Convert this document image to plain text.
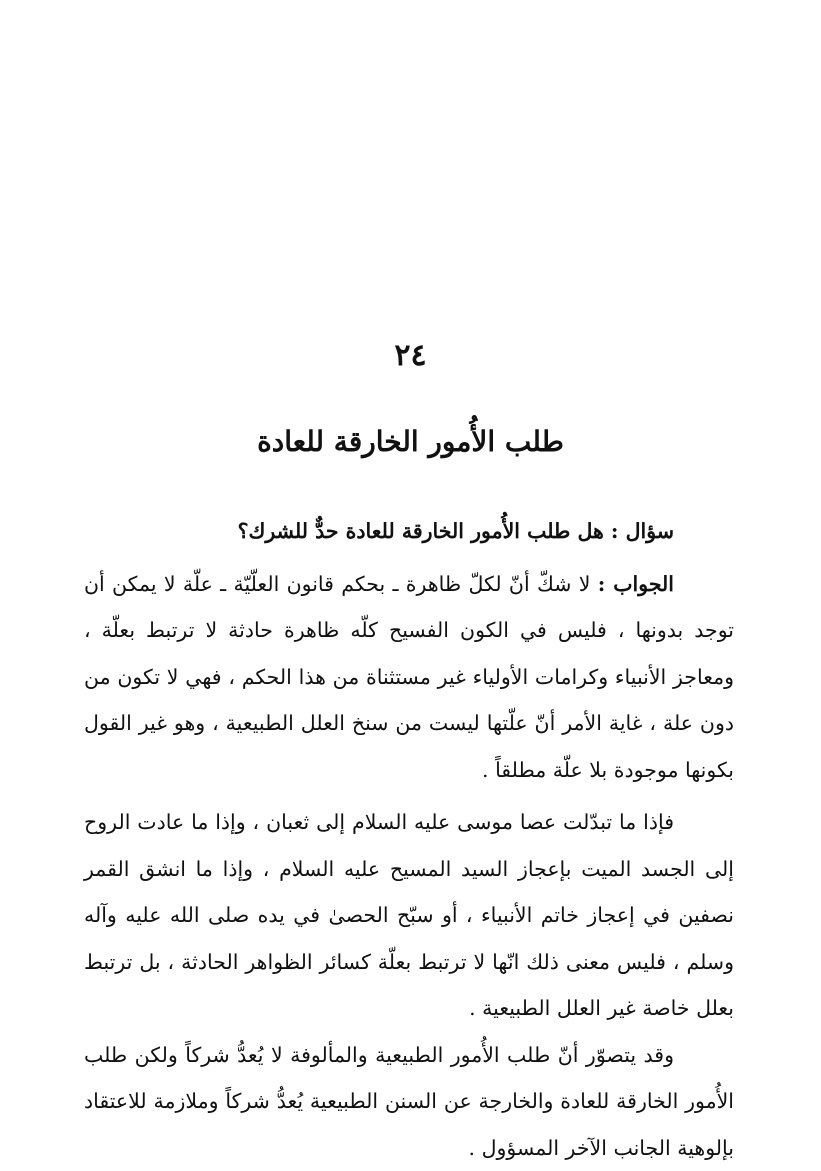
٢٤
طلب الأُمور الخارقة للعادة

سؤال : هل طلب الأُمور الخارقة للعادة حدٌّ للشرك؟

الجواب : لا شكّ أنّ لكلّ ظاهرة ـ بحكم قانون العلّيّة ـ علّة لا يمكن أن توجد بدونها ، فليس في الكون الفسيح كلّه ظاهرة حادثة لا ترتبط بعلّة ، ومعاجز الأنبياء وكرامات الأولياء غير مستثناة من هذا الحكم ، فهي لا تكون من دون علة ، غاية الأمر أنّ علّتها ليست من سنخ العلل الطبيعية ، وهو غير القول بكونها موجودة بلا علّة مطلقاً .

فإذا ما تبدّلت عصا موسى عليه السلام إلى ثعبان ، وإذا ما عادت الروح إلى الجسد الميت بإعجاز السيد المسيح عليه السلام ، وإذا ما انشق القمر نصفين في إعجاز خاتم الأنبياء ، أو سبّح الحصىٰ في يده صلى الله عليه وآله وسلم ، فليس معنى ذلك انّها لا ترتبط بعلّة كسائر الظواهر الحادثة ، بل ترتبط بعلل خاصة غير العلل الطبيعية .

وقد يتصوّر أنّ طلب الأُمور الطبيعية والمألوفة لا يُعدُّ شركاً ولكن طلب الأُمور الخارقة للعادة والخارجة عن السنن الطبيعية يُعدُّ شركاً وملازمة للاعتقاد بإلوهية الجانب الآخر المسؤول .
